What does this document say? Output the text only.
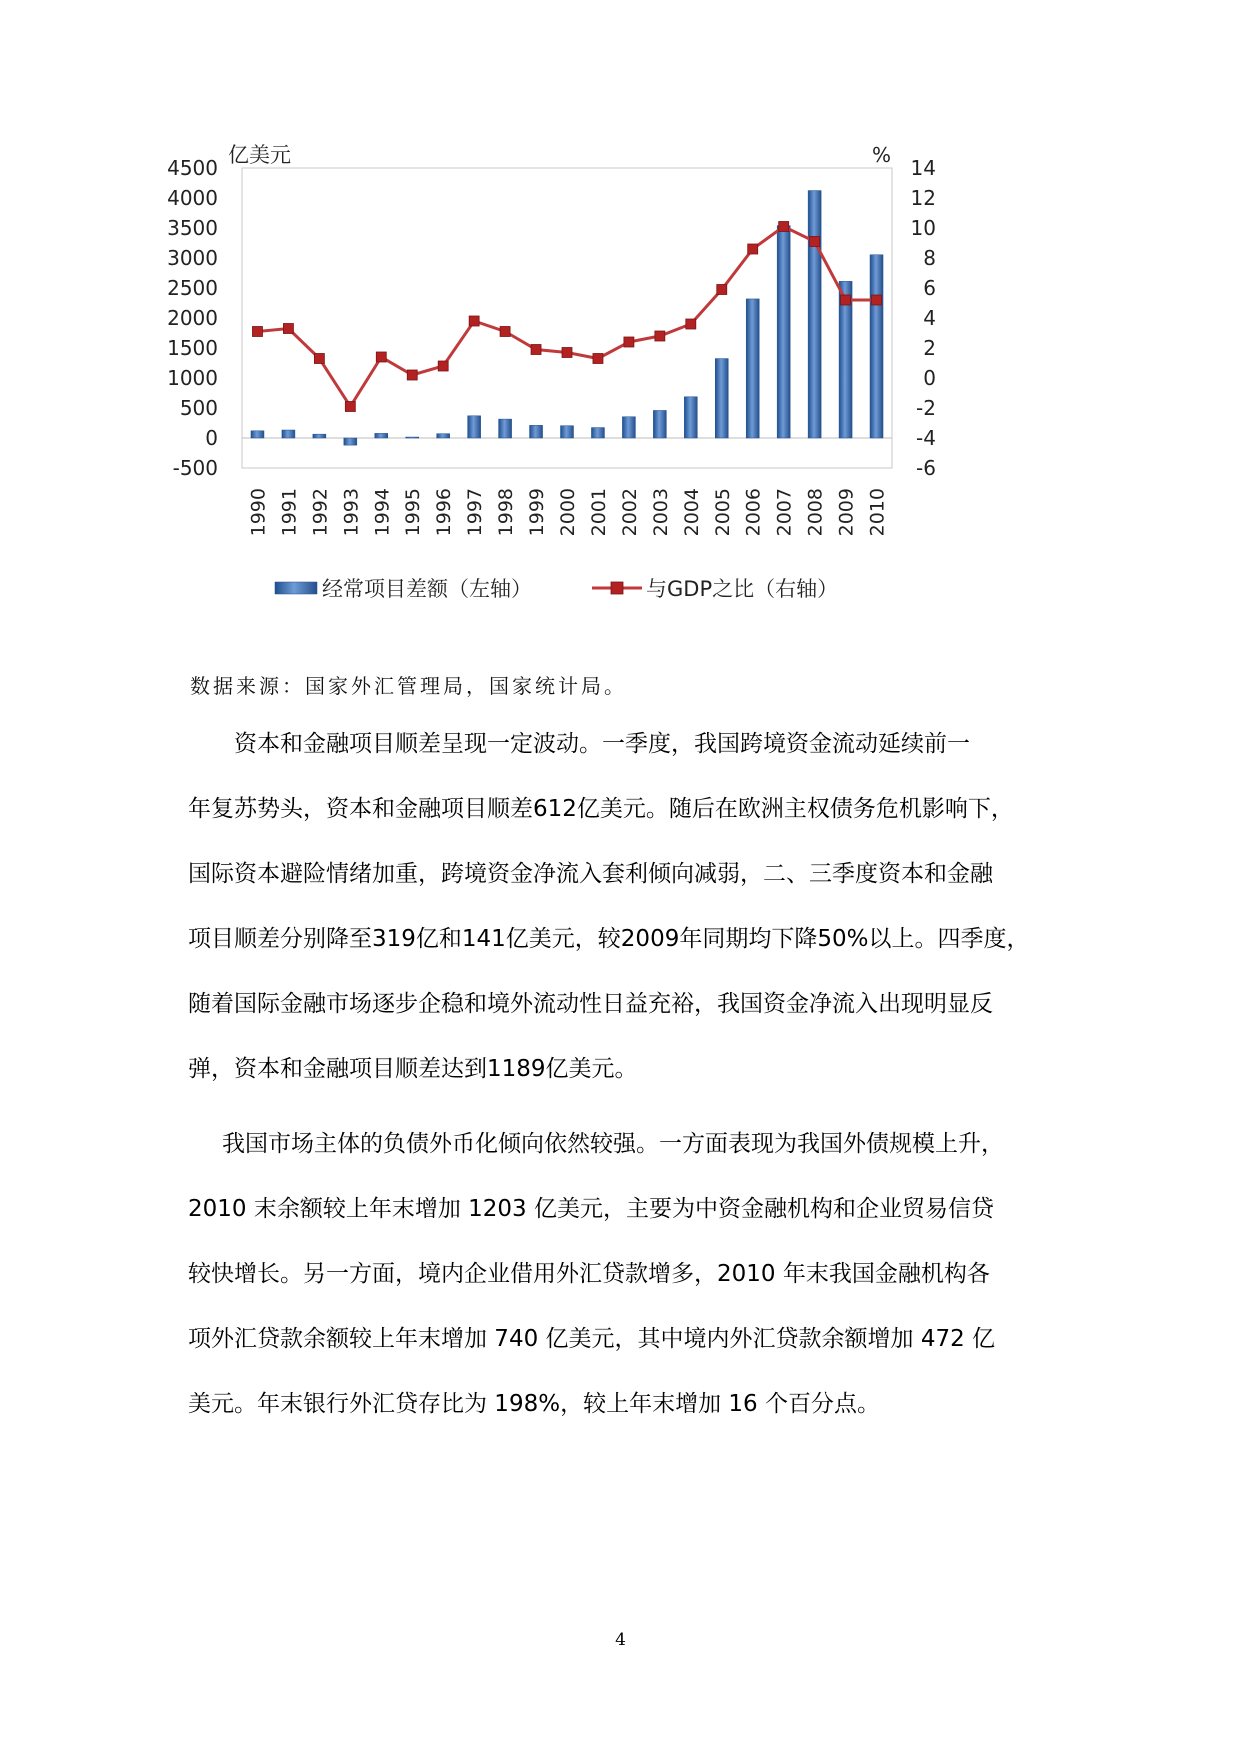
亿美元	%
4500
4000
3500
3000
2500
2000
1500
1000
500
0
-500
14
12
10
8
6
4
2
0
-2
-4
-6
1990 1991 1992 1993 1994 1995 1996 1997 1998 1999 2000 2001 2002 2003 2004 2005 2006 2007 2008 2009 2010
经常项目差额（左轴）	与GDP之比（右轴）
数据来源：国家外汇管理局，国家统计局。
资本和金融项目顺差呈现一定波动。一季度，我国跨境资金流动延续前一
年复苏势头，资本和金融项目顺差612亿美元。随后在欧洲主权债务危机影响下，
国际资本避险情绪加重，跨境资金净流入套利倾向减弱，二、三季度资本和金融
项目顺差分别降至319亿和141亿美元，较2009年同期均下降50%以上。四季度，
随着国际金融市场逐步企稳和境外流动性日益充裕，我国资金净流入出现明显反
弹，资本和金融项目顺差达到1189亿美元。
我国市场主体的负债外币化倾向依然较强。一方面表现为我国外债规模上升，
2010 末余额较上年末增加 1203 亿美元，主要为中资金融机构和企业贸易信贷
较快增长。另一方面，境内企业借用外汇贷款增多，2010 年末我国金融机构各
项外汇贷款余额较上年末增加 740 亿美元，其中境内外汇贷款余额增加 472 亿
美元。年末银行外汇贷存比为 198%，较上年末增加 16 个百分点。
4
